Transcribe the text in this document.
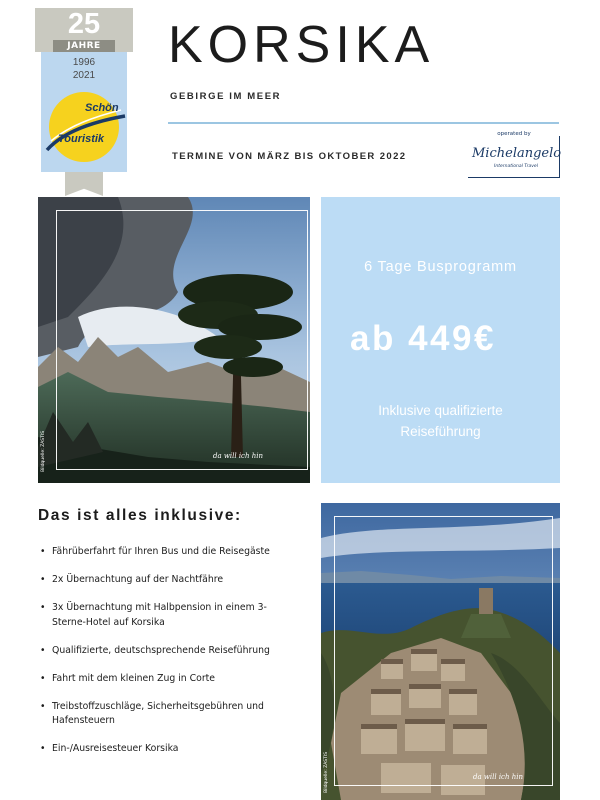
25
JAHRE
1996
2021
Schön
Touristik
KORSIKA
GEBIRGE IM MEER
TERMINE VON MÄRZ BIS OKTOBER 2022
operated by
Michelangelo
International Travel
da will ich hin
Bildquelle: ZASTIS
6 Tage Busprogramm
ab 449€
Inklusive qualifizierte Reiseführung
Das ist alles inklusive:
• Fährüberfahrt für Ihren Bus und die Reisegäste
• 2x Übernachtung auf der Nachtfähre
• 3x Übernachtung mit Halbpension in einem 3-Sterne-Hotel auf Korsika
• Qualifizierte, deutschsprechende Reiseführung
• Fahrt mit dem kleinen Zug in Corte
• Treibstoffzuschläge, Sicherheitsgebühren und Hafensteuern
• Ein-/Ausreisesteuer Korsika
da will ich hin
Bildquelle: ZASTIS
